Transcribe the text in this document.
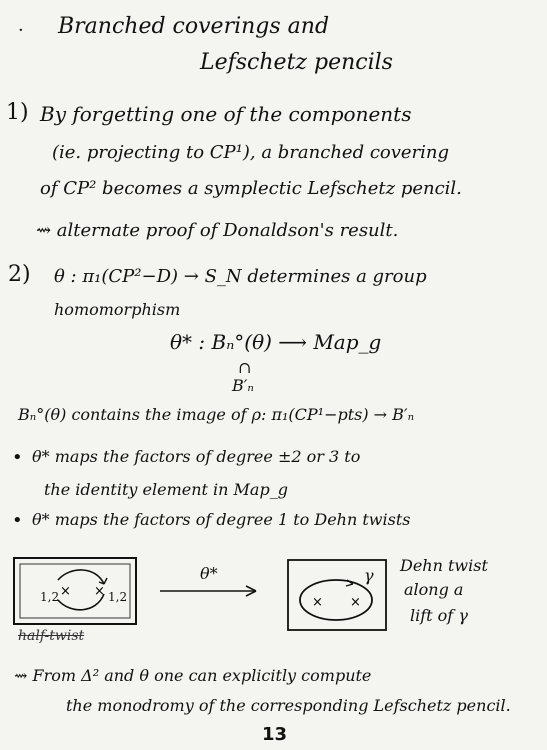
· Branched coverings and
Lefschetz pencils
1) By forgetting one of the components
(ie. projecting to CP¹), a branched covering
of CP² becomes a symplectic Lefschetz pencil.
⇝ alternate proof of Donaldson's result.
2) θ : π₁(CP²−D) → S_N determines a group
homomorphism
θ* : Bₙ°(θ) ⟶ Map_g
∩
B′ₙ
Bₙ°(θ) contains the image of ρ: π₁(CP¹−pts) → B′ₙ
• θ* maps the factors of degree ±2 or 3 to
the identity element in Map_g
• θ* maps the factors of degree 1 to Dehn twists
× ×
× ×
1,2	1,2
θ*
half-twist
γ
Dehn twist
along a
lift of γ
⇝ From Δ² and θ one can explicitly compute
the monodromy of the corresponding Lefschetz pencil.
13
